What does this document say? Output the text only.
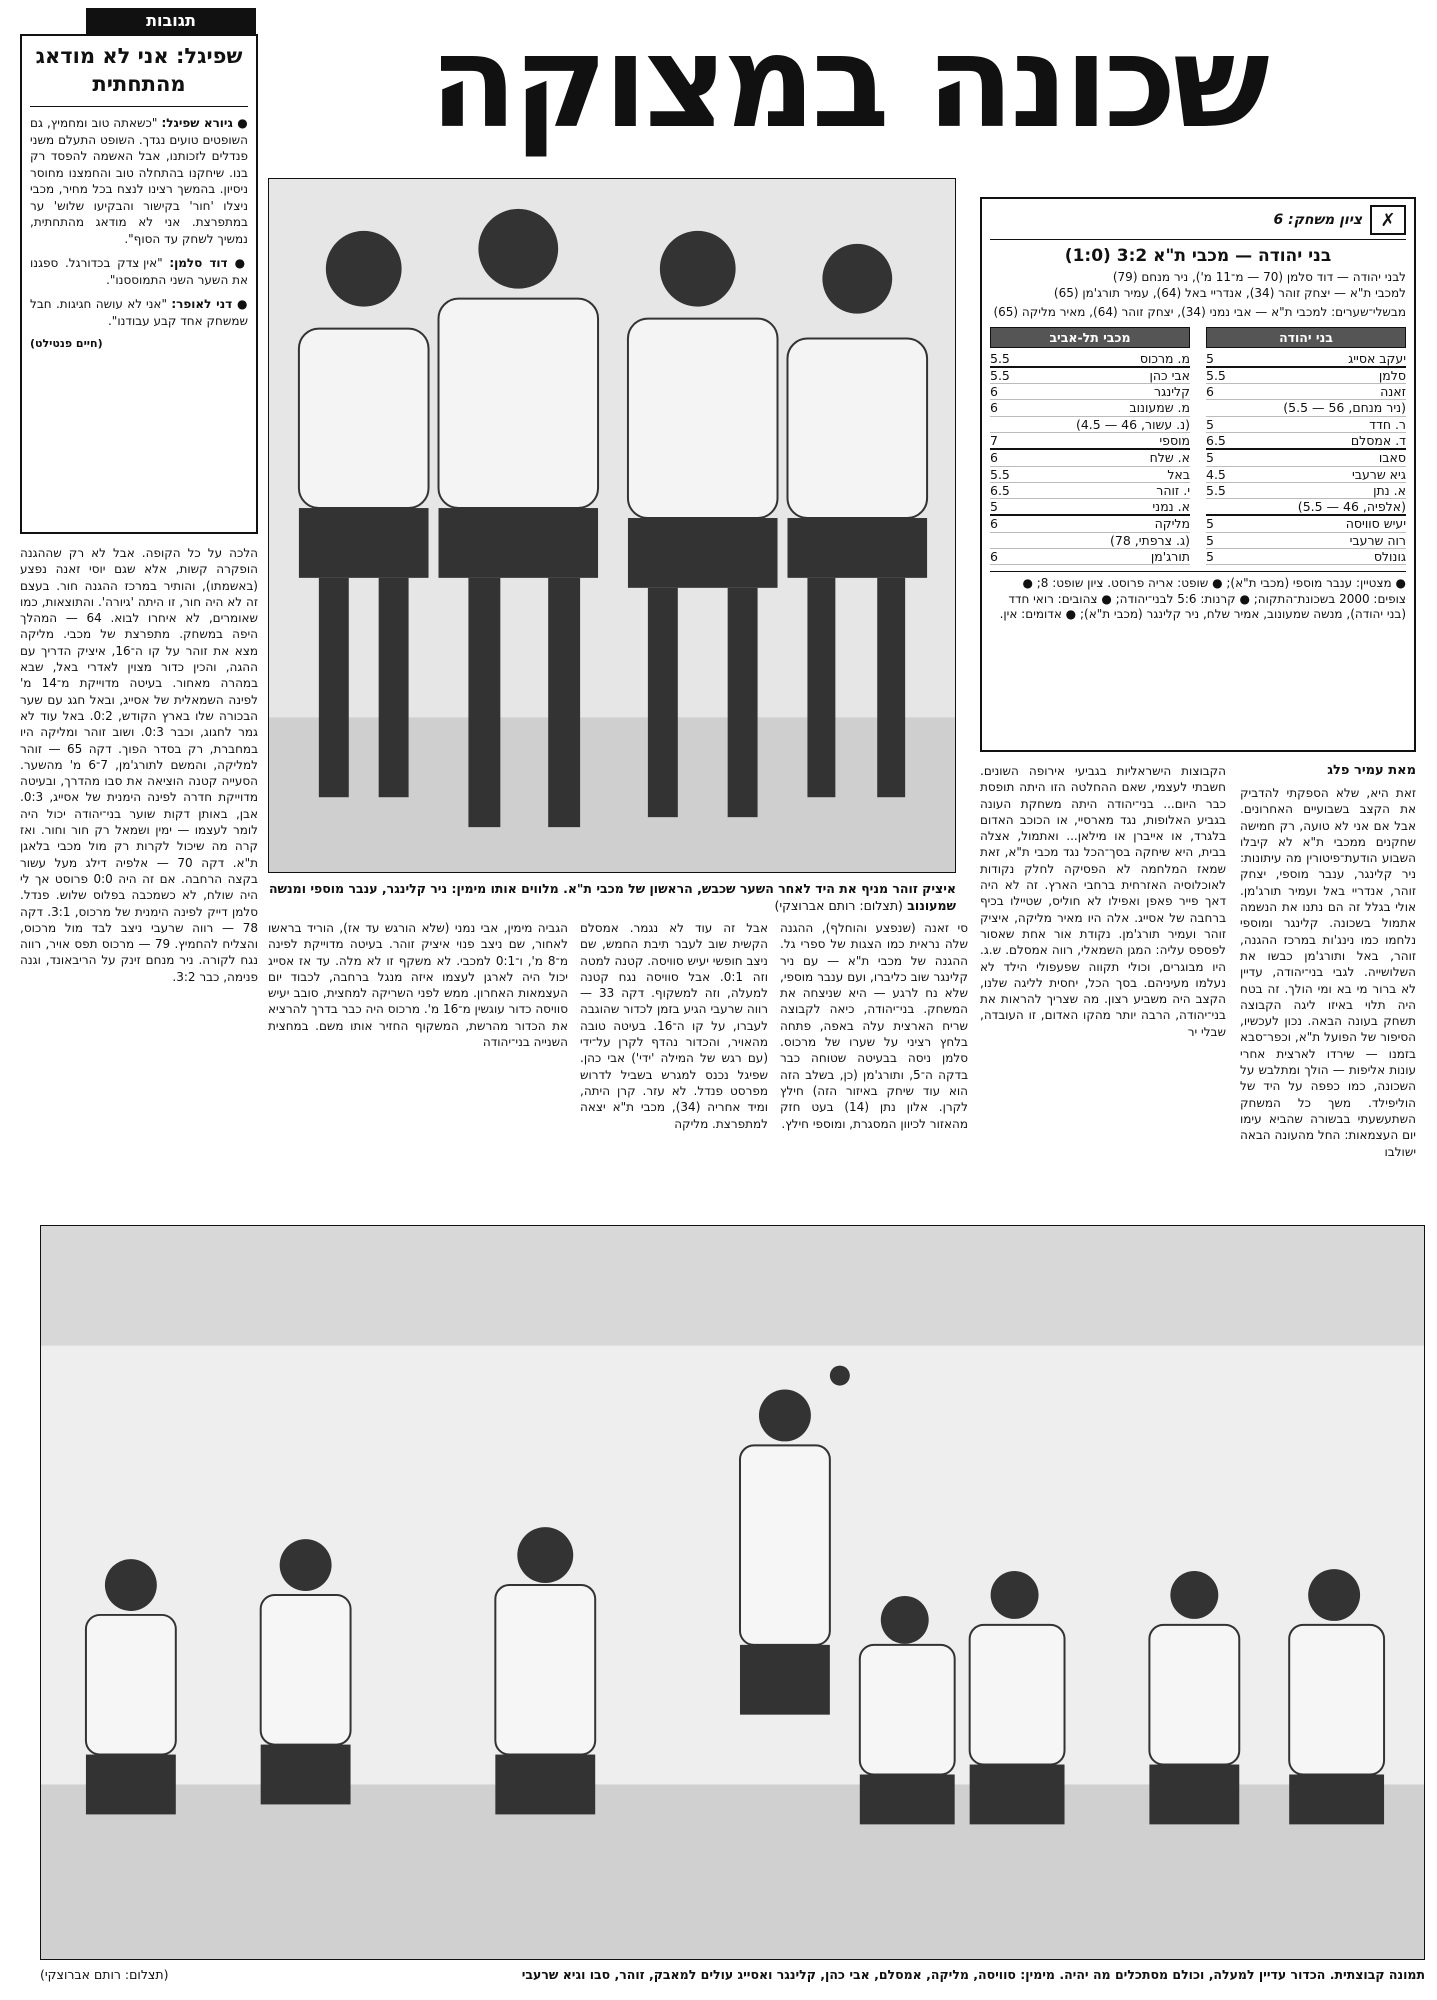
שכונה במצוקה
תגובות
שפיגל: אני לא מודאג מהתחתית
● גיורא שפיגל: "כשאתה טוב ומחמיץ, גם השופטים טועים נגדך. השופט התעלם משני פנדלים לזכותנו, אבל האשמה להפסד רק בנו. שיחקנו בהתחלה טוב והחמצנו מחוסר ניסיון. בהמשך רצינו לנצח בכל מחיר, מכבי ניצלו 'חור' בקישור והבקיעו שלוש' ער במתפרצת. אני לא מודאג מהתחתית, נמשיך לשחק עד הסוף".
● דוד סלמן: "אין צדק בכדורגל. ספגנו את השער השני התמוססנו".
● דני לאופר: "אני לא עושה חגיגות. חבל שמשחק אחד קבע עבודנו".
(חיים פנטילט)
הלכה על כל הקופה. אבל לא רק שההגנה הופקרה קשות, אלא שגם יוסי זאנה נפצע (באשמתו), והותיר במרכז ההגנה חור. בעצם זה לא היה חור, זו היתה 'גיורה'. והתוצאות, כמו שאומרים, לא איחרו לבוא. 64 — המהלך היפה במשחק. מתפרצת של מכבי. מליקה מצא את זוהר על קו ה־16, איציק הדריך עם ההגה, והכין כדור מצוין לאדרי באל, שבא במהרה מאחור. בעיטה מדוייקת מ־14 מ' לפינה השמאלית של אסייג, ובאל חגג עם שער הבכורה שלו בארץ הקודש, 0:2. באל עוד לא גמר לחגוג, וכבר 0:3. ושוב זוהר ומליקה היו במחברת, רק בסדר הפוך. דקה 65 — זוהר למליקה, והמשם לתורג'מן, 7־6 מ' מהשער. הסעייה קטנה הוציאה את סבו מהדרך, ובעיטה מדוייקת חדרה לפינה הימנית של אסייג, 0:3. אבן, באותן דקות שוער בני־יהודה יכול היה לומר לעצמו — ימין ושמאל רק חור וחור. ואז קרה מה שיכול לקרות רק מול מכבי בלאגן ת"א. דקה 70 — אלפיה דילג מעל עשור בקצה הרחבה. אם זה היה 0:0 פרוסט אך לי היה שולח, לא כשמכבה בפלוס שלוש. פנדל. סלמן דייק לפינה הימנית של מרכוס, 3:1. דקה 78 — רווה שרעבי ניצב לבד מול מרכוס, והצליח להחמיץ. 79 — מרכוס תפס אויר, רווה נגח לקורה. ניר מנחם זינק על הריבאונד, וגנה פנימה, כבר 3:2.
איציק זוהר מניף את היד לאחר השער שכבש, הראשון של מכבי ת"א. מלווים אותו מימין: ניר קלינגר, ענבר מוספי ומנשה שמעונוב (תצלום: רותם אברוצקי)
✗
ציון משחק: 6
בני יהודה — מכבי ת"א 3:2 (1:0)
לבני יהודה — דוד סלמן (70 — מ־11 מ'), ניר מנחם (79)
למכבי ת"א — יצחק זוהר (34), אנדריי באל (64), עמיר תורג'מן (65)
מבשלי־שערים: למכבי ת"א — אבי נמני (34), יצחק זוהר (64), מאיר מליקה (65)
בני יהודה
יעקב אסייג
5
סלמן
5.5
זאנה
6
(ניר מנחם, 56 — 5.5)
ר. חדד
5
ד. אמסלם
6.5
סאבו
5
גיא שרעבי
4.5
א. נתן
5.5
(אלפיה, 46 — 5.5)
יעיש סוויסה
5
רוה שרעבי
5
גונולס
5
מכבי תל-אביב
מ. מרכוס
5.5
אבי כהן
5.5
קלינגר
6
מ. שמעונוב
6
(נ. עשור, 46 — 4.5)
מוספי
7
א. שלח
6
באל
5.5
י. זוהר
6.5
א. נמני
5
מליקה
6
(ג. צרפתי, 78)
תורג'מן
6
● מצטיין: ענבר מוספי (מכבי ת"א); ● שופט: אריה פרוסט. ציון שופט: 8; ● צופים: 2000 בשכונת־התקוה; ● קרנות: 5:6 לבני־יהודה; ● צהובים: רואי חדד (בני יהודה), מנשה שמעונוב, אמיר שלח, ניר קלינגר (מכבי ת"א); ● אדומים: אין.
מאת עמיר פלג
זאת היא, שלא הספקתי להדביק את הקצב בשבועיים האחרונים. אבל אם אני לא טועה, רק חמישה שחקנים ממכבי ת"א לא קיבלו השבוע הודעת־פיטורין מה עיתונות: ניר קלינגר, ענבר מוספי, יצחק זוהר, אנדריי באל ועמיר תורג'מן. אולי בגלל זה הם נתנו את הנשמה אתמול בשכונה. קלינגר ומוספי נלחמו כמו נינג'ות במרכז ההגנה, זוהר, באל ותורג'מן כבשו את השלושייה. לגבי בני־יהודה, עדיין לא ברור מי בא ומי הולך. זה בטח היה תלוי באיזו ליגה הקבוצה תשחק בעונה הבאה. נכון לעכשיו, הסיפור של הפועל ת"א, וכפר־סבא בזמנו — שירדו לארצית אחרי עונות אליפות — הולך ומתלבש על השכונה, כמו כפפה על היד של הוליפילד. משך כל המשחק השתעשעתי בבשורה שהביא עימו יום העצמאות: החל מהעונה הבאה ישולבו
הקבוצות הישראליות בגביעי אירופה השונים. חשבתי לעצמי, שאם ההחלטה הזו היתה תופסת כבר היום... בני־יהודה היתה משחקת העונה בגביע האלופות, נגד מארסיי, או הכוכב האדום בלגרד, או אייברן או מילאן... ואתמול, אצלה בבית, היא שיחקה בסך־הכל נגד מכבי ת"א, זאת שמאז המלחמה לא הפסיקה לחלק נקודות לאוכלוסיה האזרחית ברחבי הארץ. זה לא היה דאך פייר פאפן ואפילו לא חוליס, שטיילו בכיף ברחבה של אסייג. אלה היו מאיר מליקה, איציק זוהר ועמיר תורג'מן. נקודת אור אחת שאסור לפספס עליה: המגן השמאלי, רווה אמסלם. ש.ג. היו מבוגרים, וכולי תקווה שפעפולי הילד לא נעלמו מעיניהם. בסך הכל, יחסית לליגה שלנו, הקצב היה משביע רצון. מה שצריך להראות את בני־יהודה, הרבה יותר מהקו האדום, זו העובדה, שבלי יר
סי זאנה (שנפצע והוחלף), ההגנה שלה נראית כמו הצגות של ספרי גל. ההגנה של מכבי ת"א — עם ניר קלינגר שוב כליברו, ועם ענבר מוספי, שלא נח לרגע — היא שניצחה את המשחק. בני־יהודה, כיאה לקבוצה שריח הארצית עלה באפה, פתחה בלחץ רציני על שערו של מרכוס. סלמן ניסה בבעיטה שטוחה כבר בדקה ה־5, ותורג'מן (כן, בשלב הזה הוא עוד שיחק באיזור הזה) חילץ לקרן. אלון נתן (14) בעט חזק מהאזור לכיוון המסגרת, ומוספי חילץ.
אבל זה עוד לא נגמר. אמסלם הקשית שוב לעבר תיבת החמש, שם ניצב חופשי יעיש סוויסה. קטנה למטה וזה 0:1. אבל סוויסה נגח קטנה למעלה, וזה למשקוף. דקה 33 — רווה שרעבי הגיע בזמן לכדור שהוגבה לעברו, על קו ה־16. בעיטה טובה מהאויר, והכדור נהדף לקרן על־ידי (עם רגש של המילה 'ידי') אבי כהן. שפיגל נכנס למגרש בשביל לדרוש מפרסט פנדל. לא עזר. קרן היתה, ומיד אחריה (34), מכבי ת"א יצאה למתפרצת. מליקה
הגביה מימין, אבי נמני (שלא הורגש עד אז), הוריד בראשו לאחור, שם ניצב פנוי איציק זוהר. בעיטה מדוייקת לפינה מ־8 מ', ו־0:1 למכבי. לא משקף זו לא מלה. עד אז אסייג יכול היה לארגן לעצמו איזה מנגל ברחבה, לכבוד יום העצמאות האחרון. ממש לפני השריקה למחצית, סובב יעיש סוויסה כדור עוגשין מ־16 מ'. מרכוס היה כבר בדרך להרציא את הכדור מהרשת, המשקוף החזיר אותו משם. במחצית השנייה בני־יהודה
תמונה קבוצתית. הכדור עדיין למעלה, וכולם מסתכלים מה יהיה. מימין: סוויסה, מליקה, אמסלם, אבי כהן, קלינגר ואסייג עולים למאבק, זוהר, סבו וגיא שרעבי
(תצלום: רותם אברוצקי)
